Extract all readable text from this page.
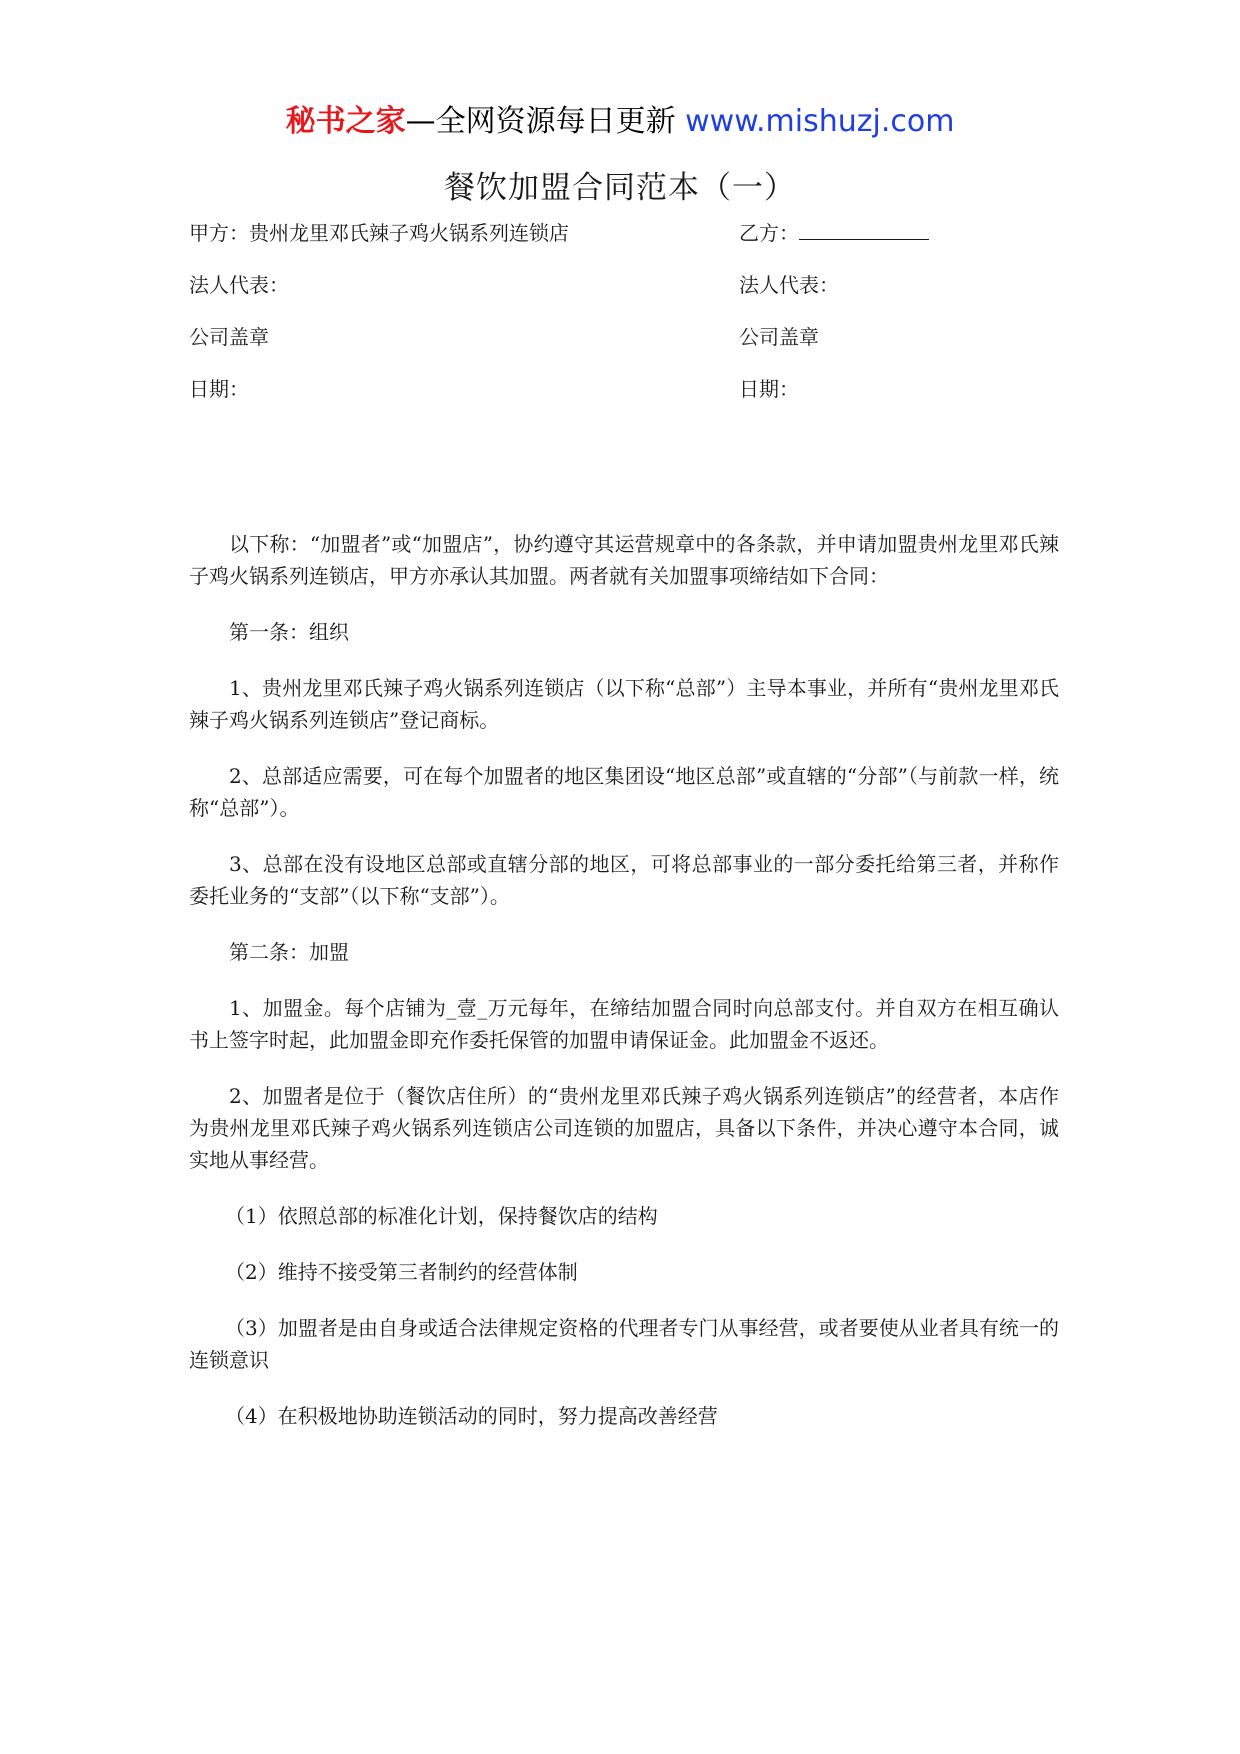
秘书之家—全网资源每日更新 www.mishuzj.com
餐饮加盟合同范本（一）
甲方：贵州龙里邓氏辣子鸡火锅系列连锁店	乙方：
法人代表：	法人代表：
公司盖章	公司盖章
日期：	日期：

以下称：“加盟者”或“加盟店”，协约遵守其运营规章中的各条款，并申请加盟贵州龙里邓氏辣子鸡火锅系列连锁店，甲方亦承认其加盟。两者就有关加盟事项缔结如下合同：

第一条：组织

1、贵州龙里邓氏辣子鸡火锅系列连锁店（以下称“总部”）主导本事业，并所有“贵州龙里邓氏辣子鸡火锅系列连锁店”登记商标。

2、总部适应需要，可在每个加盟者的地区集团设“地区总部”或直辖的“分部”（与前款一样，统称“总部”）。

3、总部在没有设地区总部或直辖分部的地区，可将总部事业的一部分委托给第三者，并称作委托业务的“支部”（以下称“支部”）。

第二条：加盟

1、加盟金。每个店铺为_壹_万元每年，在缔结加盟合同时向总部支付。并自双方在相互确认书上签字时起，此加盟金即充作委托保管的加盟申请保证金。此加盟金不返还。

2、加盟者是位于（餐饮店住所）的“贵州龙里邓氏辣子鸡火锅系列连锁店”的经营者，本店作为贵州龙里邓氏辣子鸡火锅系列连锁店公司连锁的加盟店，具备以下条件，并决心遵守本合同，诚实地从事经营。

（1）依照总部的标准化计划，保持餐饮店的结构

（2）维持不接受第三者制约的经营体制

（3）加盟者是由自身或适合法律规定资格的代理者专门从事经营，或者要使从业者具有统一的连锁意识

（4）在积极地协助连锁活动的同时，努力提高改善经营
